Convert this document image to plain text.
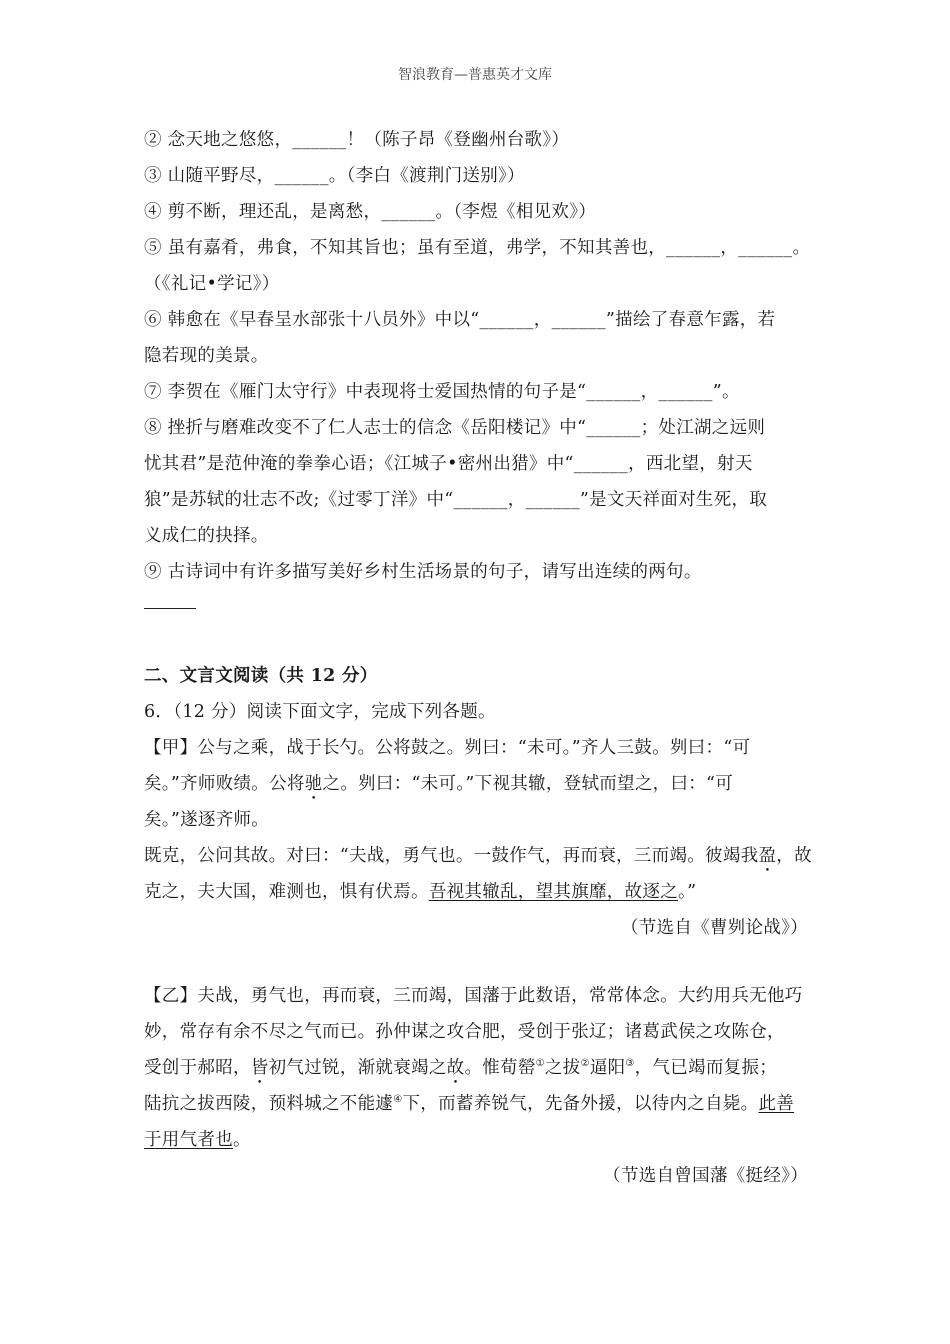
智浪教育—普惠英才文库
② 念天地之悠悠，______！（陈子昂《登幽州台歌》）
③ 山随平野尽，______。（李白《渡荆门送别》）
④ 剪不断，理还乱，是离愁，______。（李煜《相见欢》）
⑤ 虽有嘉肴，弗食，不知其旨也；虽有至道，弗学，不知其善也，______，______。
（《礼记•学记》）
⑥ 韩愈在《早春呈水部张十八员外》中以“______，______”描绘了春意乍露，若
隐若现的美景。
⑦ 李贺在《雁门太守行》中表现将士爱国热情的句子是“______，______”。
⑧ 挫折与磨难改变不了仁人志士的信念《岳阳楼记》中“______；处江湖之远则
忧其君”是范仲淹的拳拳心语；《江城子•密州出猎》中“______，西北望，射天
狼”是苏轼的壮志不改;《过零丁洋》中“______，______”是文天祥面对生死，取
义成仁的抉择。
⑨ 古诗词中有许多描写美好乡村生活场景的句子，请写出连续的两句。
二、文言文阅读（共 12 分）
6．（12 分）阅读下面文字，完成下列各题。
【甲】公与之乘，战于长勺。公将鼓之。刿曰：“未可。”齐人三鼓。刿曰：“可
矣。”齐师败绩。公将驰之。刿曰：“未可。”下视其辙，登轼而望之，曰：“可
矣。”遂逐齐师。
既克，公问其故。对曰：“夫战，勇气也。一鼓作气，再而衰，三而竭。彼竭我盈，故
克之，夫大国，难测也，惧有伏焉。吾视其辙乱，望其旗靡，故逐之。”
（节选自《曹刿论战》）
【乙】夫战，勇气也，再而衰，三而竭，国藩于此数语，常常体念。大约用兵无他巧
妙，常存有余不尽之气而已。孙仲谋之攻合肥，受创于张辽；诸葛武侯之攻陈仓，
受创于郝昭，皆初气过锐，渐就衰竭之故。惟荀罃①之拔②逼阳③，气已竭而复振；
陆抗之拔西陵，预料城之不能遽④下，而蓄养锐气，先备外援，以待内之自毙。此善
于用气者也。
（节选自曾国藩《挺经》）
